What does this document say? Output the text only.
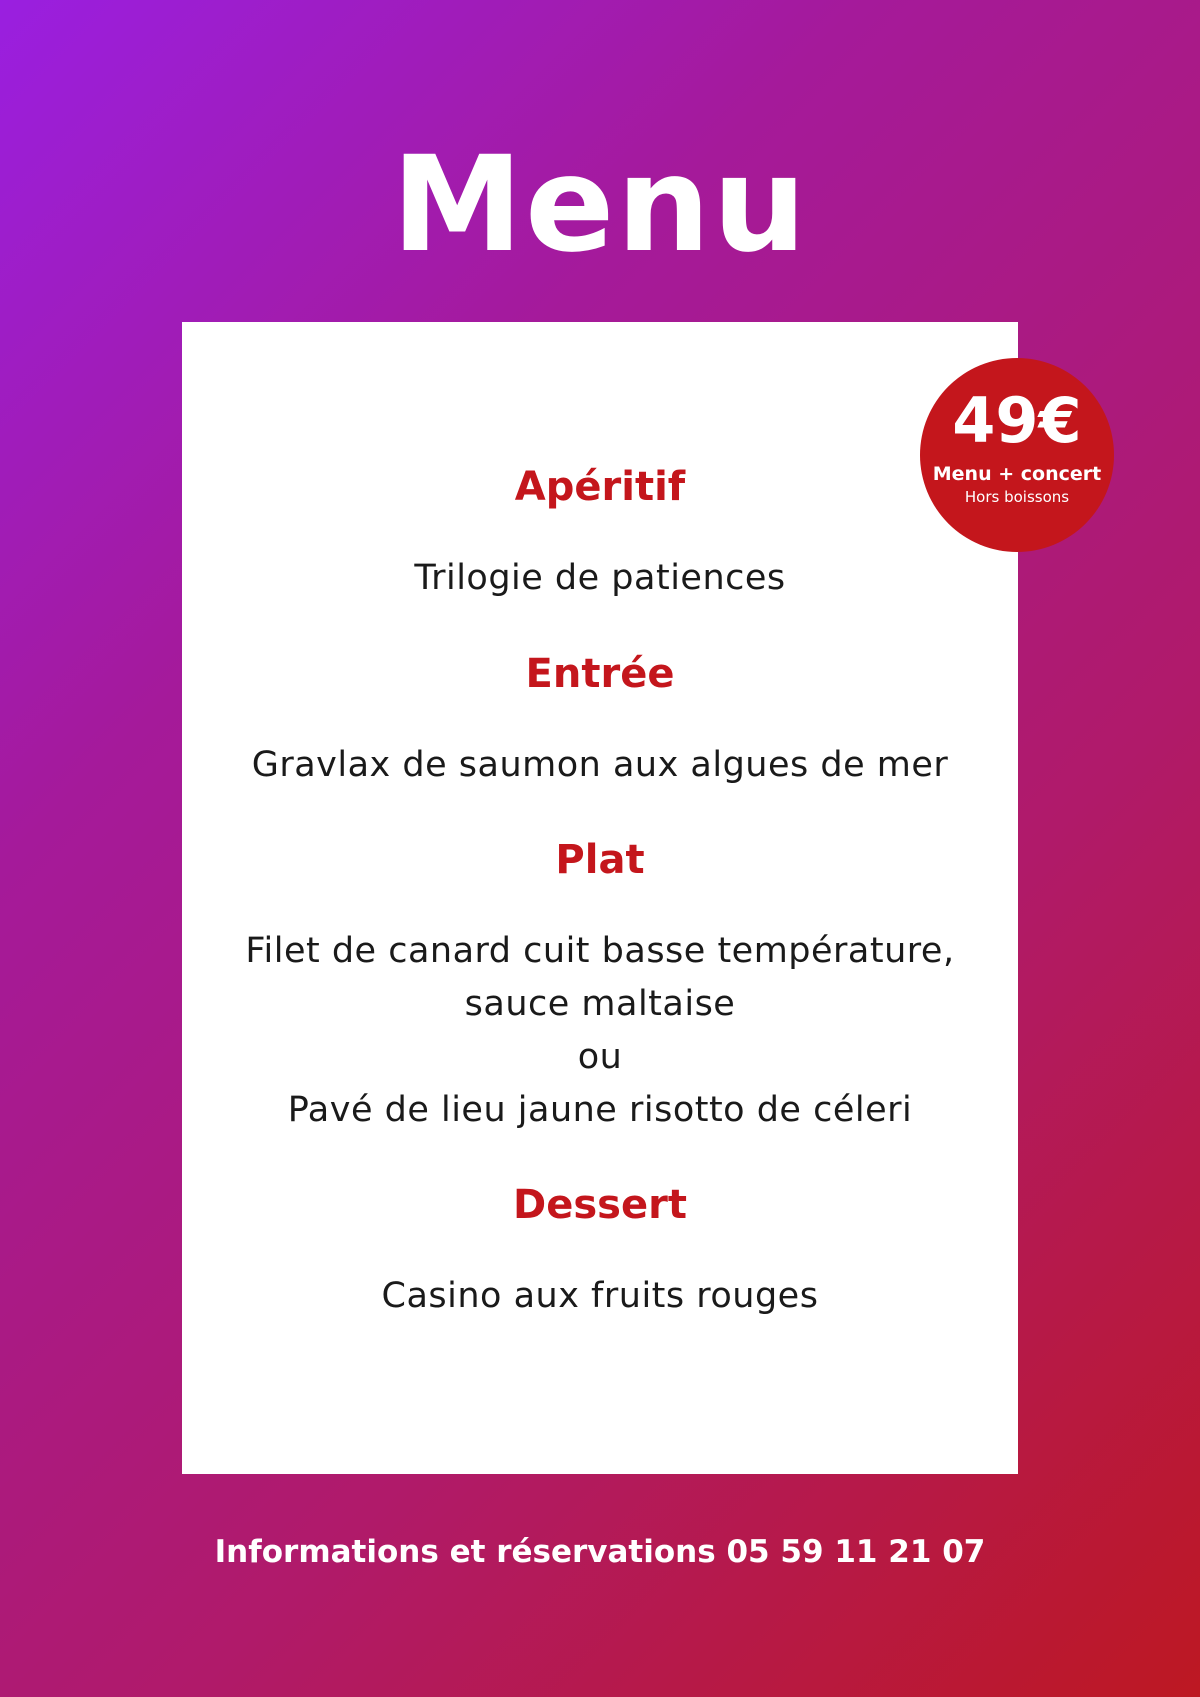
Menu
Apéritif

Trilogie de patiences

Entrée

Gravlax de saumon aux algues de mer

Plat

Filet de canard cuit basse température,

sauce maltaise

ou

Pavé de lieu jaune risotto de céleri

Dessert

Casino aux fruits rouges

49€
Menu + concert
Hors boissons
Informations et réservations 05 59 11 21 07
